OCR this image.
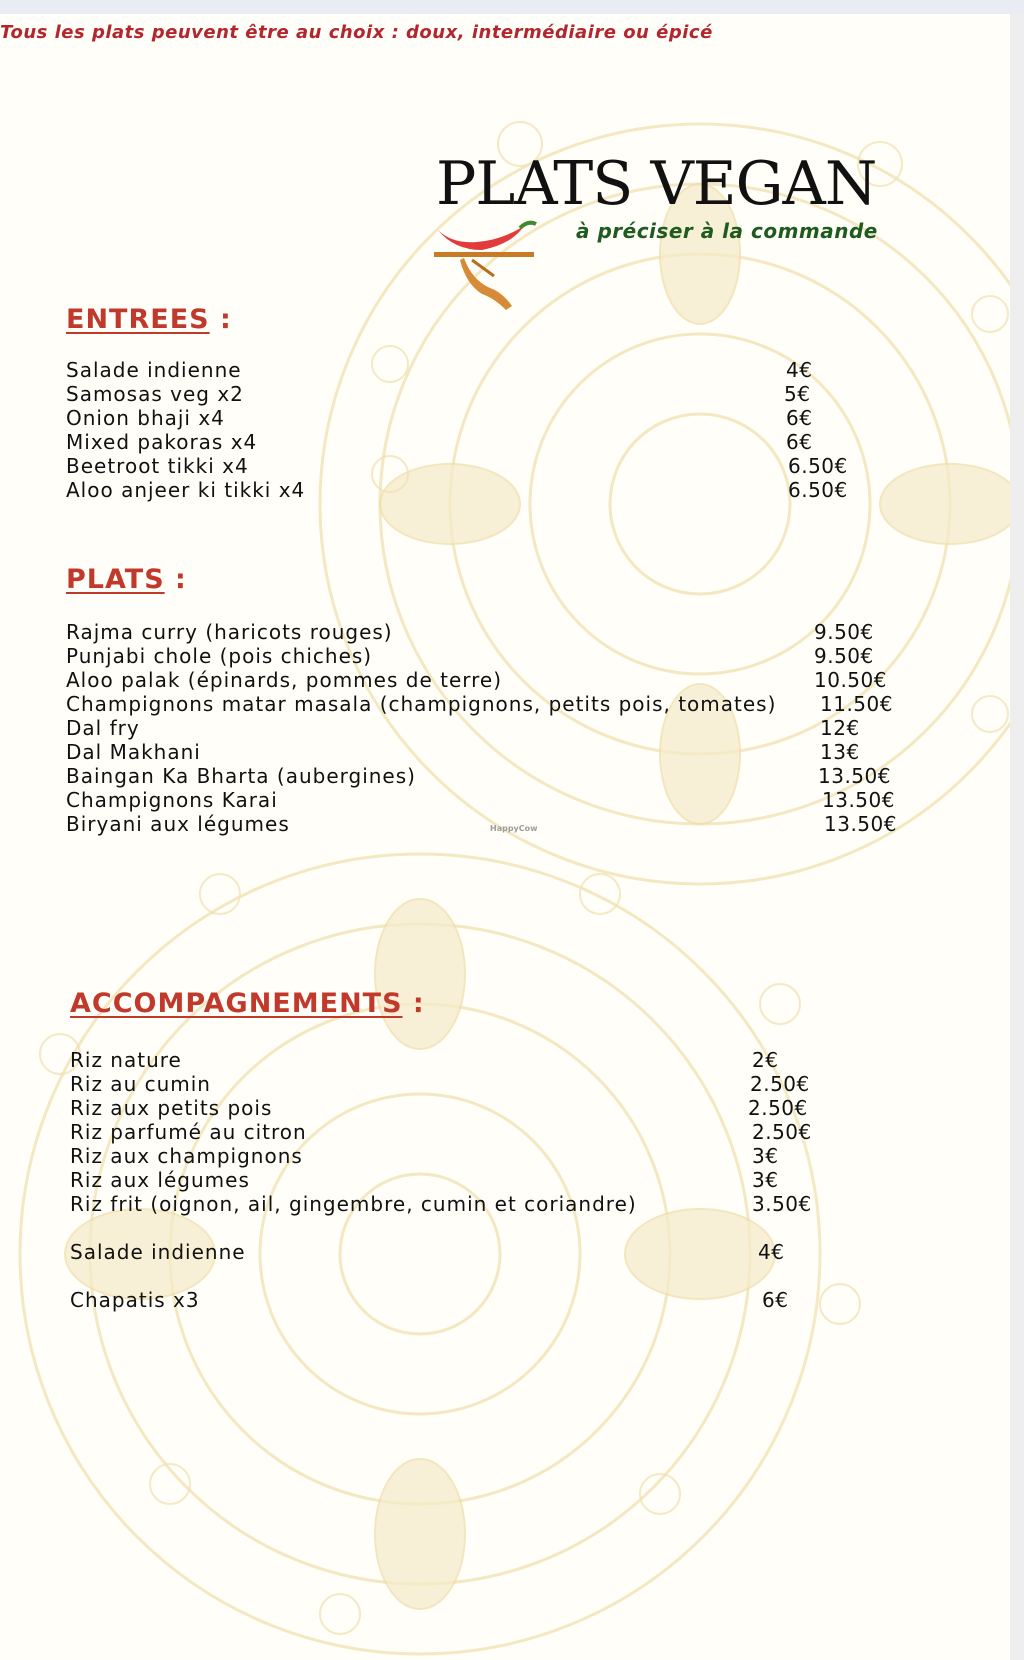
Tous les plats peuvent être au choix : doux, intermédiaire ou épicé
PLATS VEGAN
à préciser à la commande
ENTREES :
Salade indienne	4€
Samosas veg x2	5€
Onion bhaji x4	6€
Mixed pakoras x4	6€
Beetroot tikki x4	6.50€
Aloo anjeer ki tikki x4	6.50€
PLATS :
Rajma curry (haricots rouges)	9.50€
Punjabi chole (pois chiches)	9.50€
Aloo palak (épinards, pommes de terre)	10.50€
Champignons matar masala (champignons, petits pois, tomates) 11.50€
Dal fry	12€
Dal Makhani	13€
Baingan Ka Bharta (aubergines)	13.50€
Champignons Karai	13.50€
Biryani aux légumes	13.50€
HappyCow
ACCOMPAGNEMENTS :
Riz nature	2€
Riz au cumin	2.50€
Riz aux petits pois	2.50€
Riz parfumé au citron	2.50€
Riz aux champignons	3€
Riz aux légumes	3€
Riz frit (oignon, ail, gingembre, cumin et coriandre)	3.50€
Salade indienne	4€
Chapatis x3	6€
